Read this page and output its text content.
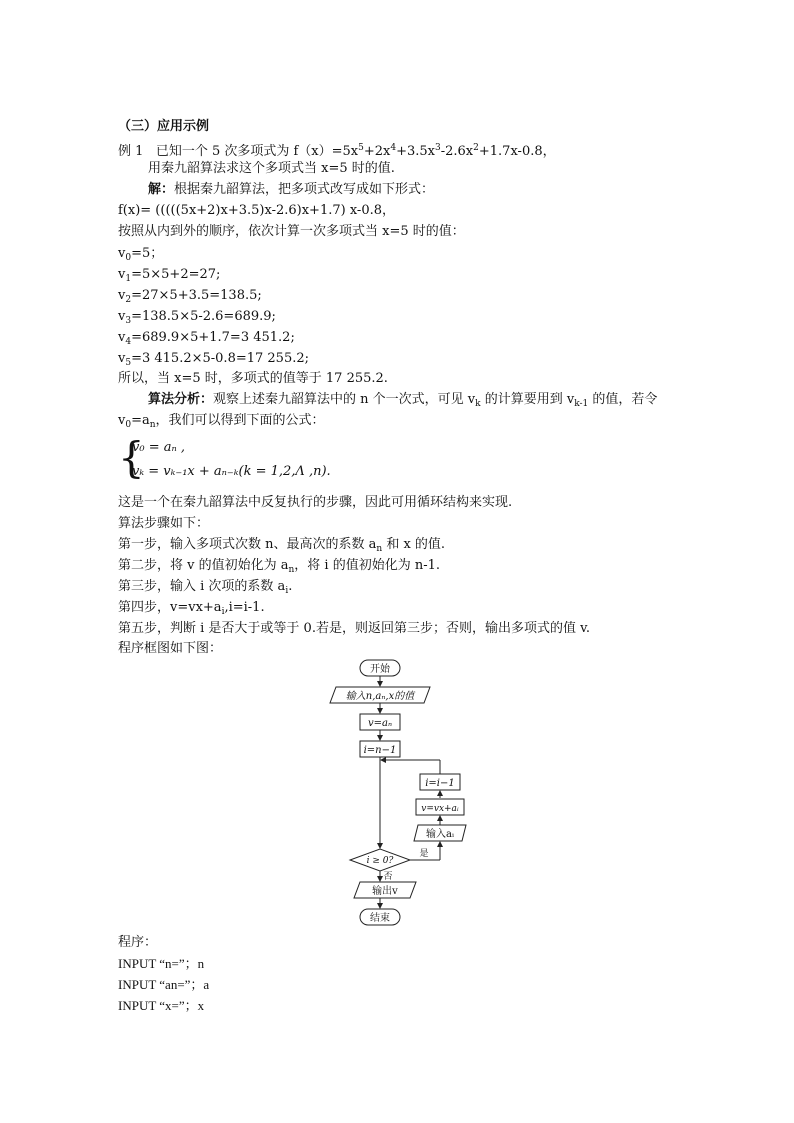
（三）应用示例
例 1 已知一个 5 次多项式为 $f(x)=5x^5+2x^4+3.5x^3-2.6x^2+1.7x-0.8$，
用秦九韶算法求这个多项式当 x=5 时的值.
解：根据秦九韶算法，把多项式改写成如下形式：
f(x)= (((((5x+2)x+3.5)x-2.6)x+1.7) x-0.8，
按照从内到外的顺序，依次计算一次多项式当 x=5 时的值：
$v_0=5$；
$v_1=5\times 5+2=27$;
$v_2=27\times 5+3.5=138.5$;
$v_3=138.5\times 5-2.6=689.9$;
$v_4=689.9\times 5+1.7=3$ 451.2;
$v_5=3$ 415.2×5-0.8=17 255.2;
所以，当 x=5 时，多项式的值等于 17 255.2.
算法分析：观察上述秦九韶算法中的 n 个一次式，可见 $v_k$ 的计算要用到 $v_{k-1}$ 的值，若令
$v_0=a_n$，我们可以得到下面的公式：
{
v₀ = aₙ ,
vₖ = vₖ₋₁x + aₙ₋ₖ(k = 1,2,Λ ,n).
这是一个在秦九韶算法中反复执行的步骤，因此可用循环结构来实现.
算法步骤如下：
第一步，输入多项式次数 n、最高次的系数 $a_n$ 和 x 的值.
第二步，将 v 的值初始化为 $a_n$，将 i 的值初始化为 n-1.
第三步，输入 i 次项的系数 $a_i$.
第四步，$v=vx+a_i,i=i-1$.
第五步，判断 i 是否大于或等于 0.若是，则返回第三步；否则，输出多项式的值 v.
程序框图如下图：
开始
输入n,aₙ,x的值
v=aₙ
i=n−1
i=i−1
v=vx+aᵢ
输入aᵢ
i ≥ 0?
是
否
输出v
结束
程序：
INPUT “n=”；n
INPUT “an=”；a
INPUT “x=”；x
